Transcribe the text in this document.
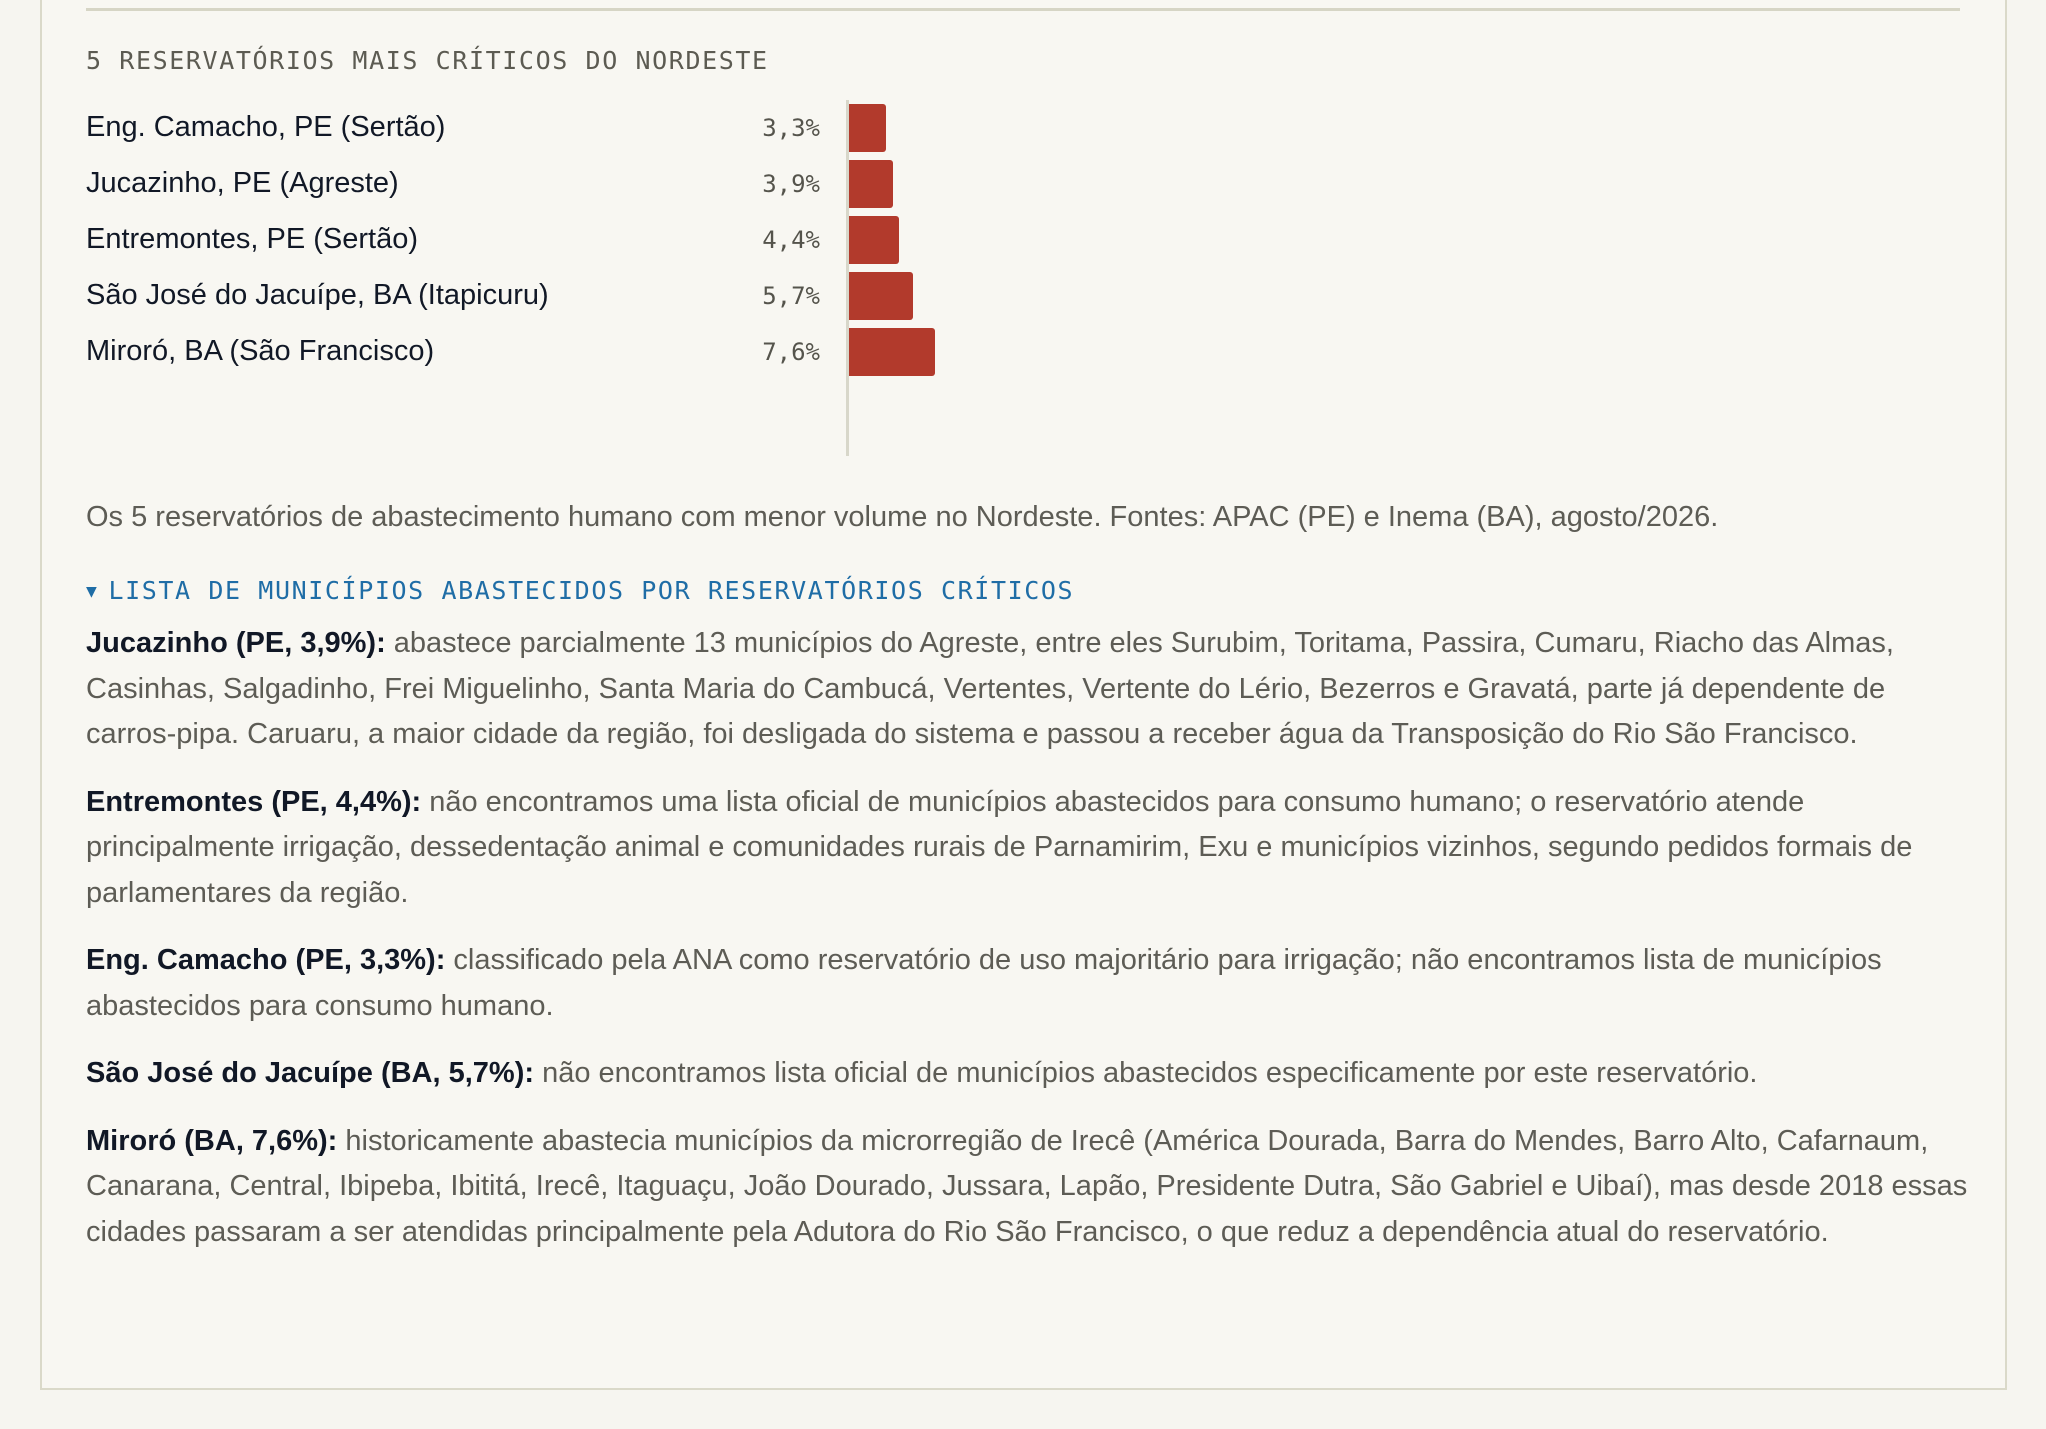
5 RESERVATÓRIOS MAIS CRÍTICOS DO NORDESTE
Eng. Camacho, PE (Sertão)	3,3%
Jucazinho, PE (Agreste)	3,9%
Entremontes, PE (Sertão)	4,4%
São José do Jacuípe, BA (Itapicuru)	5,7%
Miroró, BA (São Francisco)	7,6%
Os 5 reservatórios de abastecimento humano com menor volume no Nordeste. Fontes: APAC (PE) e Inema (BA), agosto/2026.
▼ LISTA DE MUNICÍPIOS ABASTECIDOS POR RESERVATÓRIOS CRÍTICOS

Jucazinho (PE, 3,9%): abastece parcialmente 13 municípios do Agreste, entre eles Surubim, Toritama, Passira, Cumaru, Riacho das Almas, Casinhas, Salgadinho, Frei Miguelinho, Santa Maria do Cambucá, Vertentes, Vertente do Lério, Bezerros e Gravatá, parte já dependente de carros-pipa. Caruaru, a maior cidade da região, foi desligada do sistema e passou a receber água da Transposição do Rio São Francisco.

Entremontes (PE, 4,4%): não encontramos uma lista oficial de municípios abastecidos para consumo humano; o reservatório atende principalmente irrigação, dessedentação animal e comunidades rurais de Parnamirim, Exu e municípios vizinhos, segundo pedidos formais de parlamentares da região.

Eng. Camacho (PE, 3,3%): classificado pela ANA como reservatório de uso majoritário para irrigação; não encontramos lista de municípios abastecidos para consumo humano.

São José do Jacuípe (BA, 5,7%): não encontramos lista oficial de municípios abastecidos especificamente por este reservatório.

Miroró (BA, 7,6%): historicamente abastecia municípios da microrregião de Irecê (América Dourada, Barra do Mendes, Barro Alto, Cafarnaum, Canarana, Central, Ibipeba, Ibititá, Irecê, Itaguaçu, João Dourado, Jussara, Lapão, Presidente Dutra, São Gabriel e Uibaí), mas desde 2018 essas cidades passaram a ser atendidas principalmente pela Adutora do Rio São Francisco, o que reduz a dependência atual do reservatório.
